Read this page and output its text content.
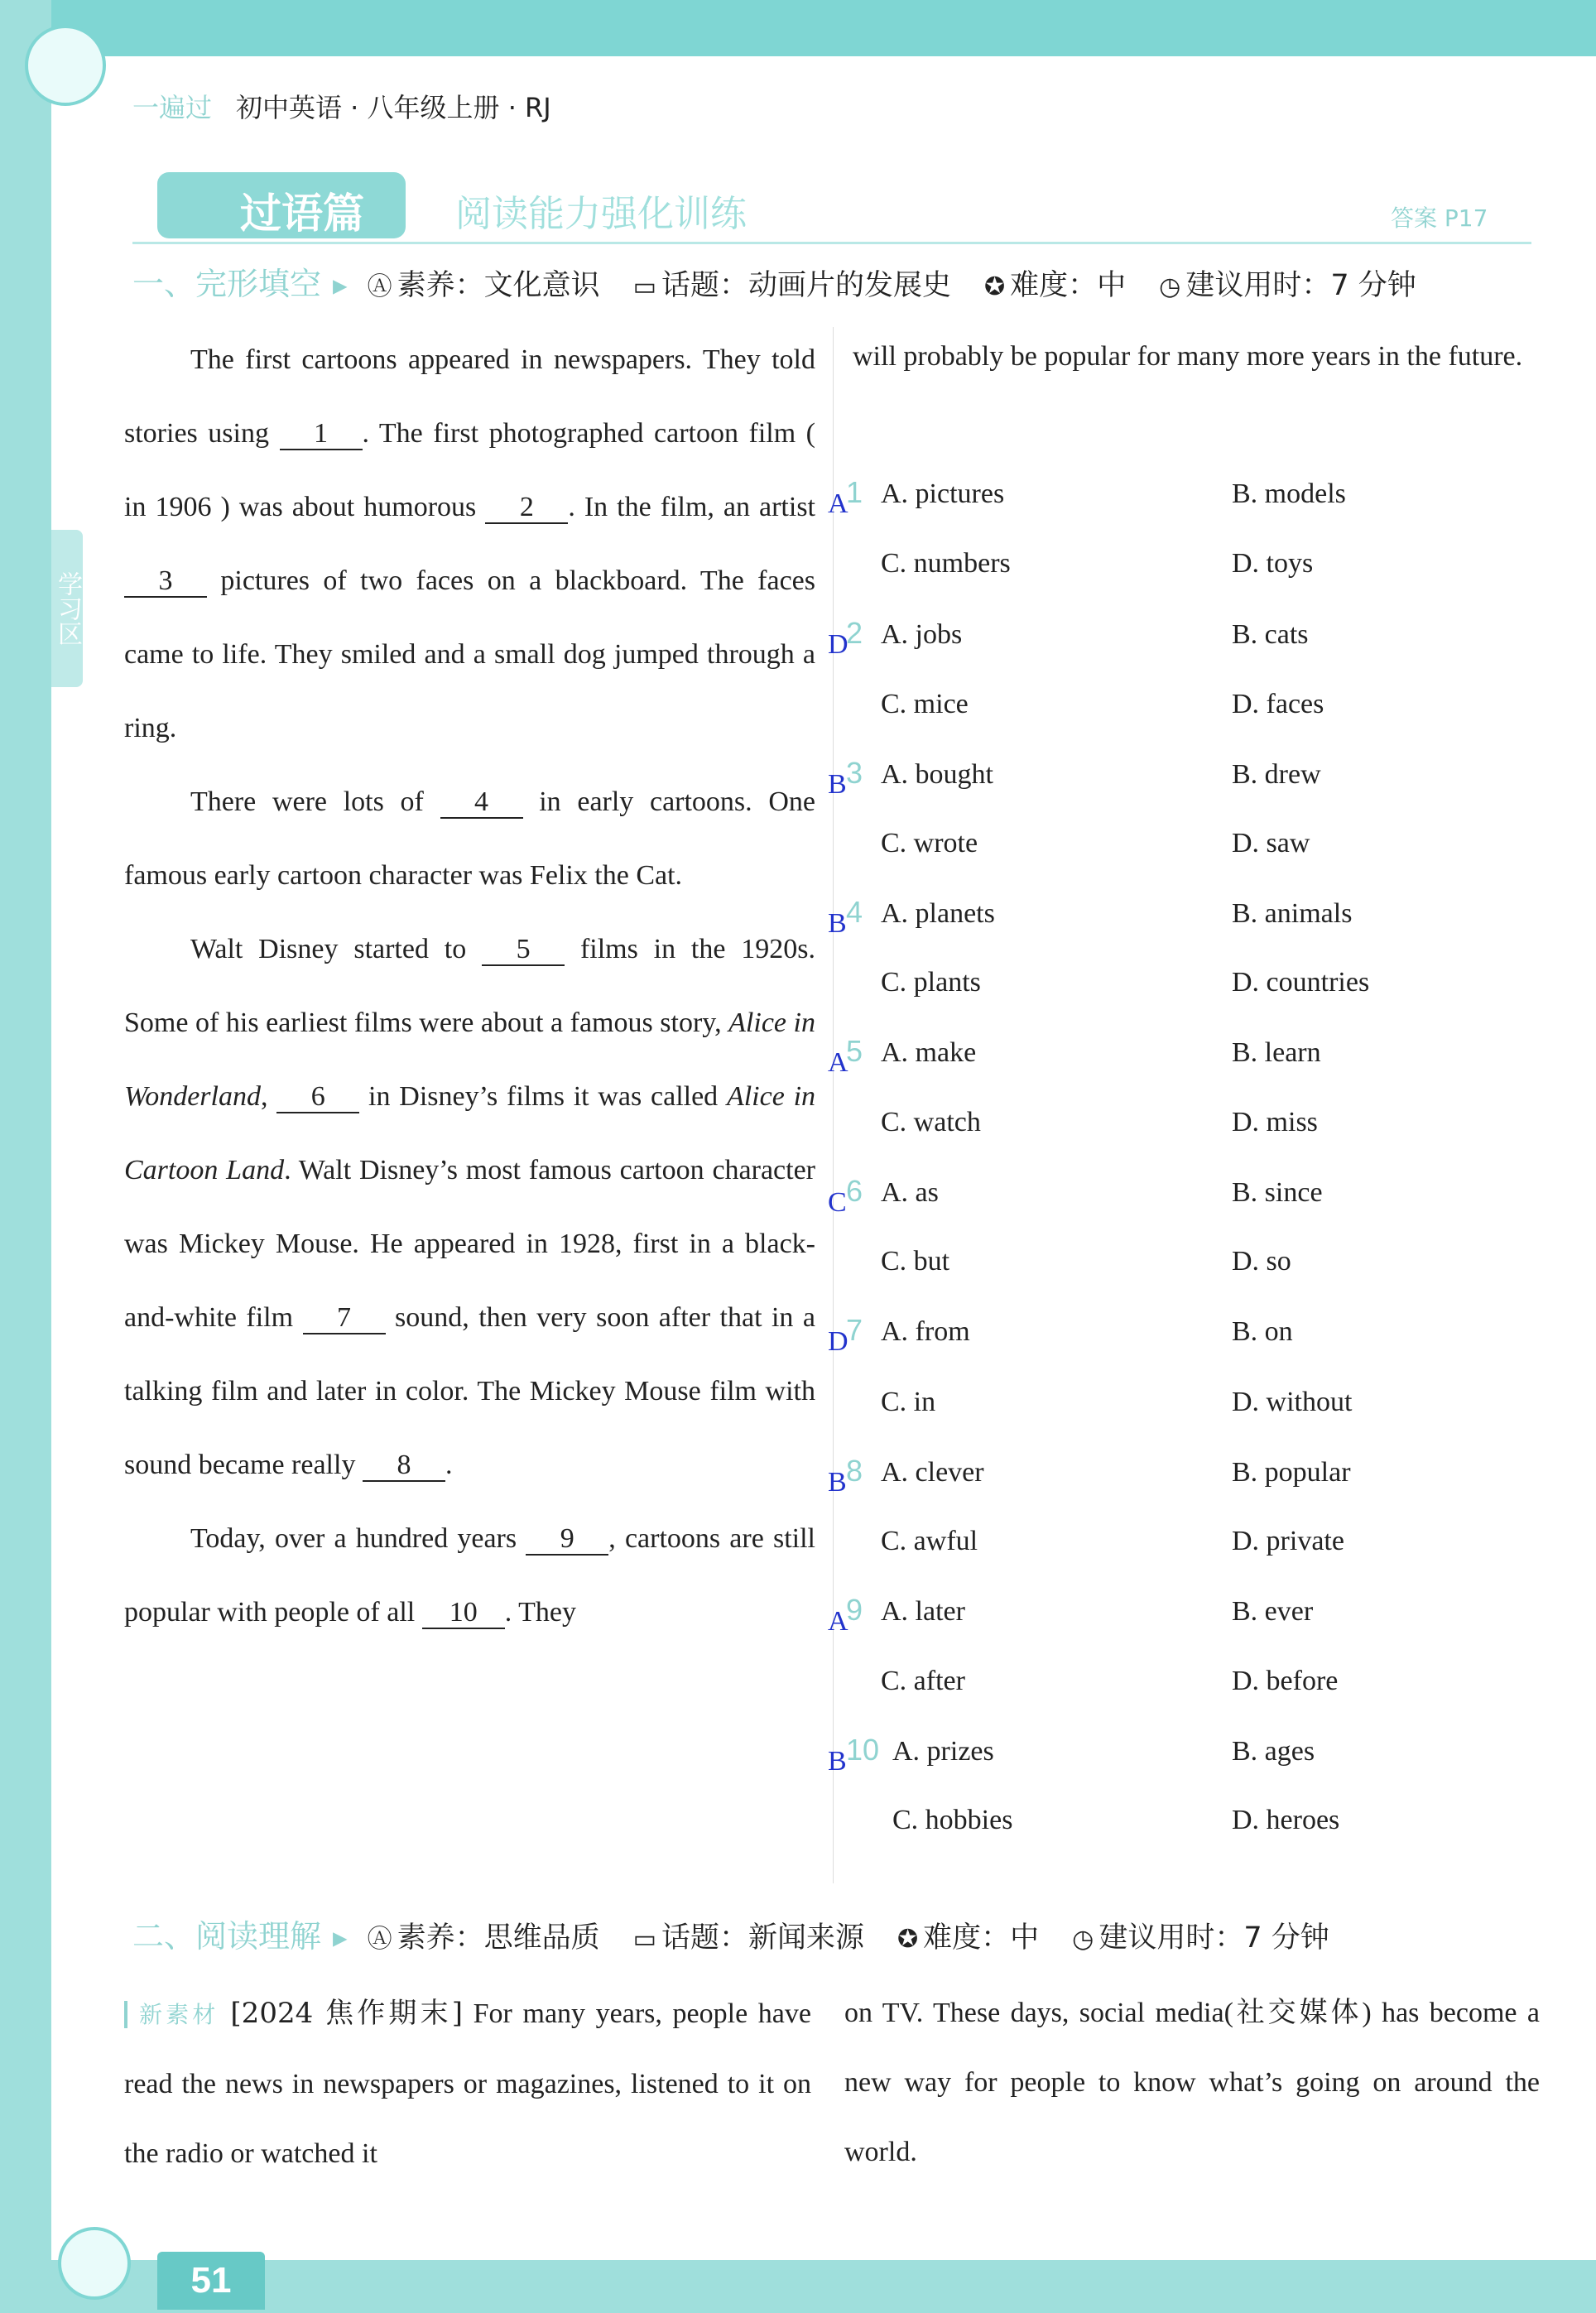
学习区
一遍过 初中英语 · 八年级上册 · RJ
过语篇	阅读能力强化训练	答案 P17
一、完形填空 ▸ Ⓐ 素养：文化意识 ▭ 话题：动画片的发展史 ✪ 难度：中 ◷ 建议用时：7 分钟

The first cartoons appeared in newspapers. They told stories using 1 . The first photographed cartoon film ( in 1906 ) was about humorous 2 . In the film, an artist 3 pictures of two faces on a blackboard. The faces came to life. They smiled and a small dog jumped through a ring.

There were lots of 4 in early cartoons. One famous early cartoon character was Felix the Cat.

Walt Disney started to 5 films in the 1920s. Some of his earliest films were about a famous story, Alice in Wonderland, 6 in Disney’s films it was called Alice in Cartoon Land. Walt Disney’s most famous cartoon character was Mickey Mouse. He appeared in 1928, first in a black-and-white film 7 sound, then very soon after that in a talking film and later in color. The Mickey Mouse film with sound became really 8 .

Today, over a hundred years 9 , cartoons are still popular with people of all 10 . They

will probably be popular for many more years in the future.

A
1 A. pictures	B. models
C. numbers	D. toys
D
2 A. jobs	B. cats
C. mice	D. faces
B 3 A. bought	B. drew
C. wrote	D. saw
B 4 A. planets	B. animals
C. plants	D. countries
A
5 A. make	B. learn
C. watch	D. miss
C 6 A. as	B. since
C. but	D. so
D
7 A. from	B. on
C. in	D. without
B 8 A. clever	B. popular
C. awful	D. private
A
9 A. later	B. ever
C. after	D. before
B 10 A. prizes	B. ages
C. hobbies	D. heroes
二、阅读理解 ▸ Ⓐ 素养：思维品质 ▭ 话题：新闻来源 ✪ 难度：中 ◷ 建议用时：7 分钟

新素材 [2024 焦作期末] For many years, people have read the news in newspapers or magazines, listened to it on the radio or watched it

on TV. These days, social media(社交媒体) has become a new way for people to know what’s going on around the world.

51
